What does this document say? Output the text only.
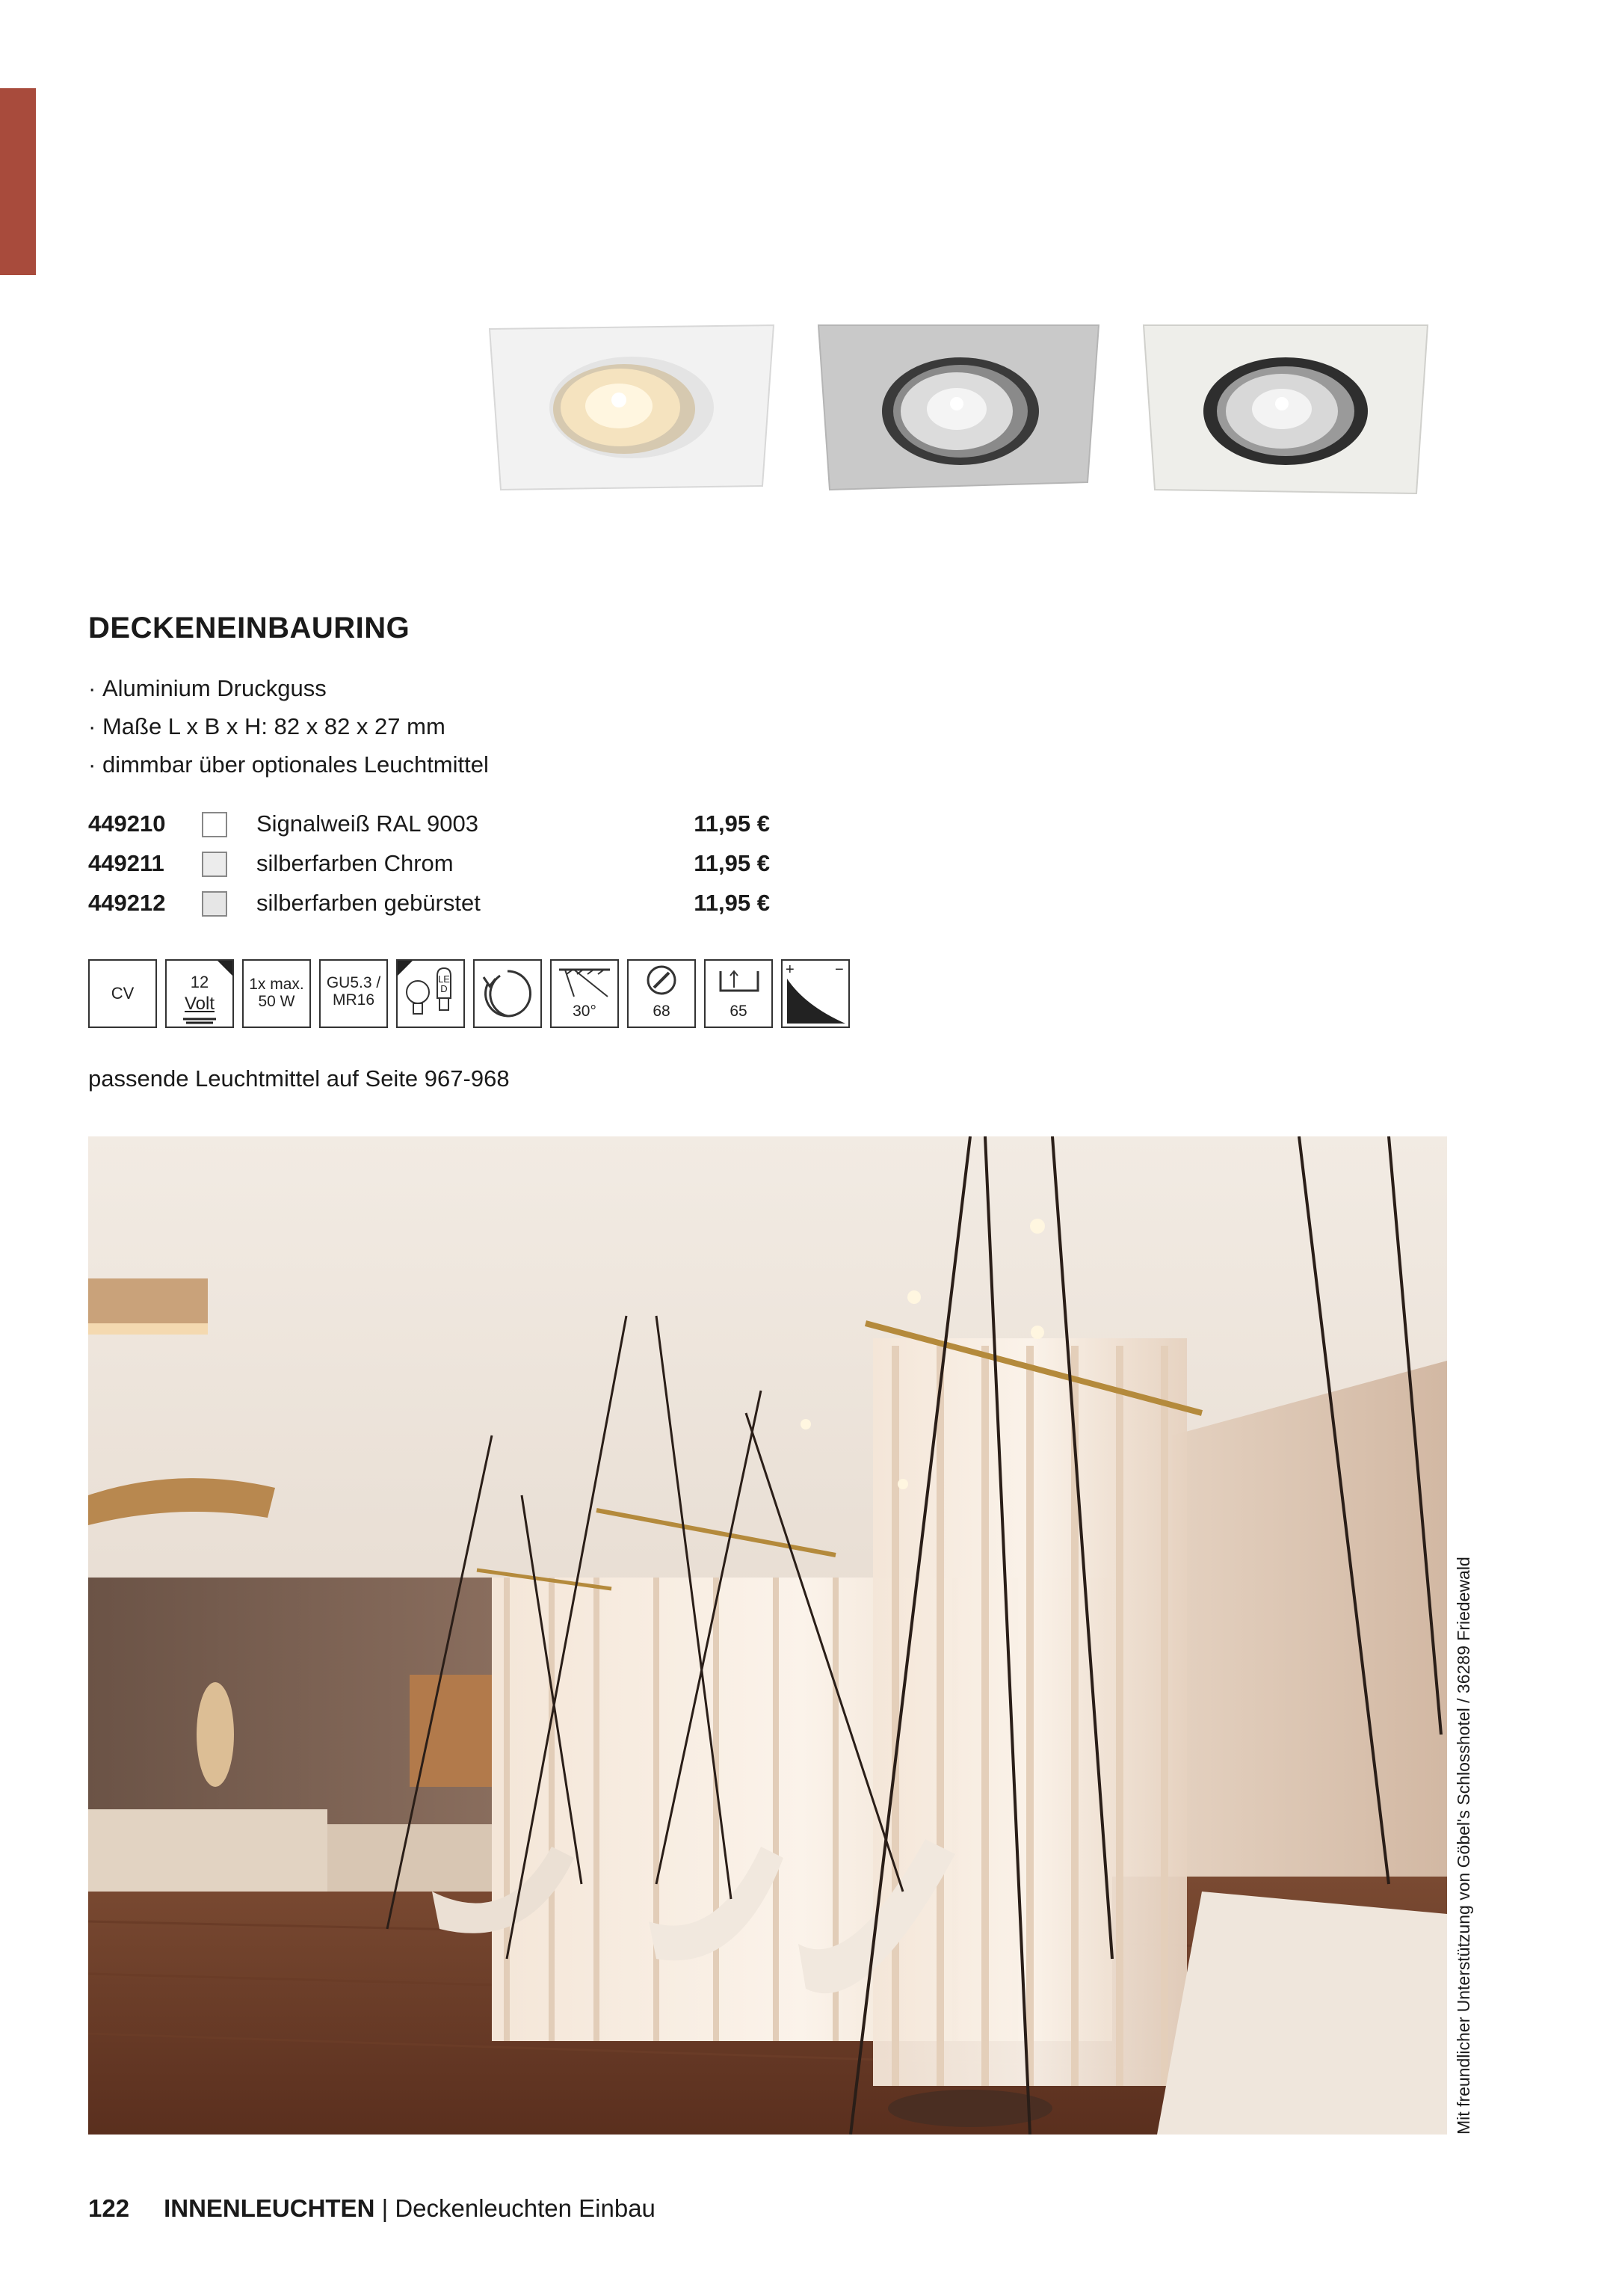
DECKENEINBAURING
· Aluminium Druckguss
· Maße L x B x H: 82 x 82 x 27 mm
· dimmbar über optionales Leuchtmittel
449210	Signalweiß RAL 9003	11,95 €
449211	silberfarben Chrom	11,95 €
449212	silberfarben gebürstet	11,95 €
CV
12
Volt
1x max.
50 W
GU5.3 /
MR16
LED
30°	68	65
+	−
passende Leuchtmittel auf Seite 967-968
Mit freundlicher Unterstützung von Göbel's Schlosshotel / 36289 Friedewald
122 INNENLEUCHTEN | Deckenleuchten Einbau
